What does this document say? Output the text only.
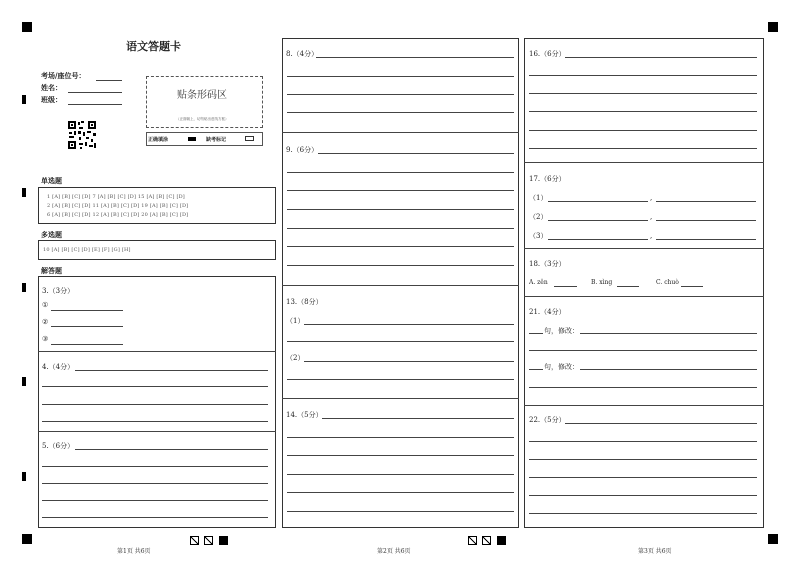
语文答题卡
考场/座位号：
姓名：
班级：	贴条形码区
（正面朝上，切勿贴出虚线方框）
正确填涂	缺考标记
单选题
1 [A] [B] [C] [D] 7 [A] [B] [C] [D] 15 [A] [B] [C] [D]
2 [A] [B] [C] [D] 11 [A] [B] [C] [D] 19 [A] [B] [C] [D]
6 [A] [B] [C] [D] 12 [A] [B] [C] [D] 20 [A] [B] [C] [D]
多选题
10 [A] [B] [C] [D] [E] [F] [G] [H]
解答题
3.（3分）
①
②
③
4.（4分）
5.（6分）
第1页 共6页
8.（4分）
9.（6分）
13.（8分）
（1）
（2）
14.（5分）
第2页 共6页
16.（6分）
17.（6分）
（1）	,
（2）	,
（3）	,
18.（3分）
A. zěn	B. xìng	C. chuò
21.（4分）
句，修改：
句，修改：
22.（5分）
第3页 共6页
